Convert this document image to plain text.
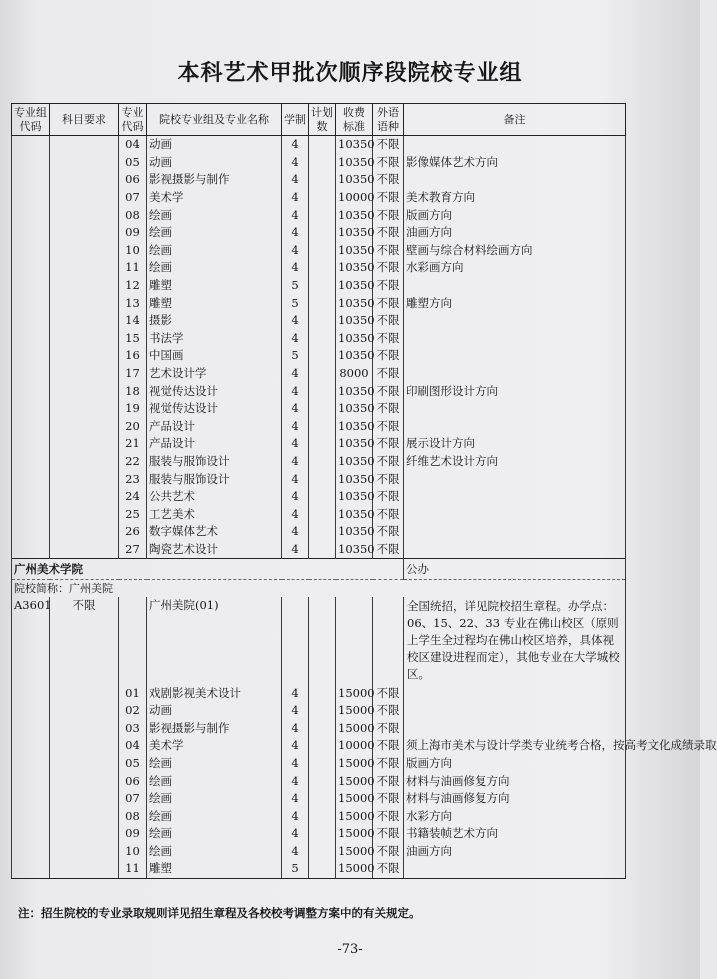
本科艺术甲批次顺序段院校专业组
专业组代码	科目要求	专业代码	院校专业组及专业名称	学制	计划数	收费标准	外语语种	备注
		04	动画	4		10350	不限	
		05	动画	4		10350	不限	影像媒体艺术方向
		06	影视摄影与制作	4		10350	不限	
		07	美术学	4		10000	不限	美术教育方向
		08	绘画	4		10350	不限	版画方向
		09	绘画	4		10350	不限	油画方向
		10	绘画	4		10350	不限	壁画与综合材料绘画方向
		11	绘画	4		10350	不限	水彩画方向
		12	雕塑	5		10350	不限	
		13	雕塑	5		10350	不限	雕塑方向
		14	摄影	4		10350	不限	
		15	书法学	4		10350	不限	
		16	中国画	5		10350	不限	
		17	艺术设计学	4		8000	不限	
		18	视觉传达设计	4		10350	不限	印刷图形设计方向
		19	视觉传达设计	4		10350	不限	
		20	产品设计	4		10350	不限	
		21	产品设计	4		10350	不限	展示设计方向
		22	服装与服饰设计	4		10350	不限	纤维艺术设计方向
		23	服装与服饰设计	4		10350	不限	
		24	公共艺术	4		10350	不限	
		25	工艺美术	4		10350	不限	
		26	数字媒体艺术	4		10350	不限	
		27	陶瓷艺术设计	4		10350	不限	
广州美术学院								公办
院校简称：广州美院								
A3601	不限		广州美院(01)					全国统招，详见院校招生章程。办学点：06、15、22、33 专业在佛山校区（原则上学生全过程均在佛山校区培养，具体视校区建设进程而定），其他专业在大学城校区。
		01	戏剧影视美术设计	4		15000	不限	
		02	动画	4		15000	不限	
		03	影视摄影与制作	4		15000	不限	
		04	美术学	4		10000	不限	须上海市美术与设计学类专业统考合格，按高考文化成绩录取
		05	绘画	4		15000	不限	版画方向
		06	绘画	4		15000	不限	材料与油画修复方向
		07	绘画	4		15000	不限	材料与油画修复方向
		08	绘画	4		15000	不限	水彩方向
		09	绘画	4		15000	不限	书籍装帧艺术方向
		10	绘画	4		15000	不限	油画方向
		11	雕塑	5		15000	不限	
注：招生院校的专业录取规则详见招生章程及各校校考调整方案中的有关规定。
-73-
